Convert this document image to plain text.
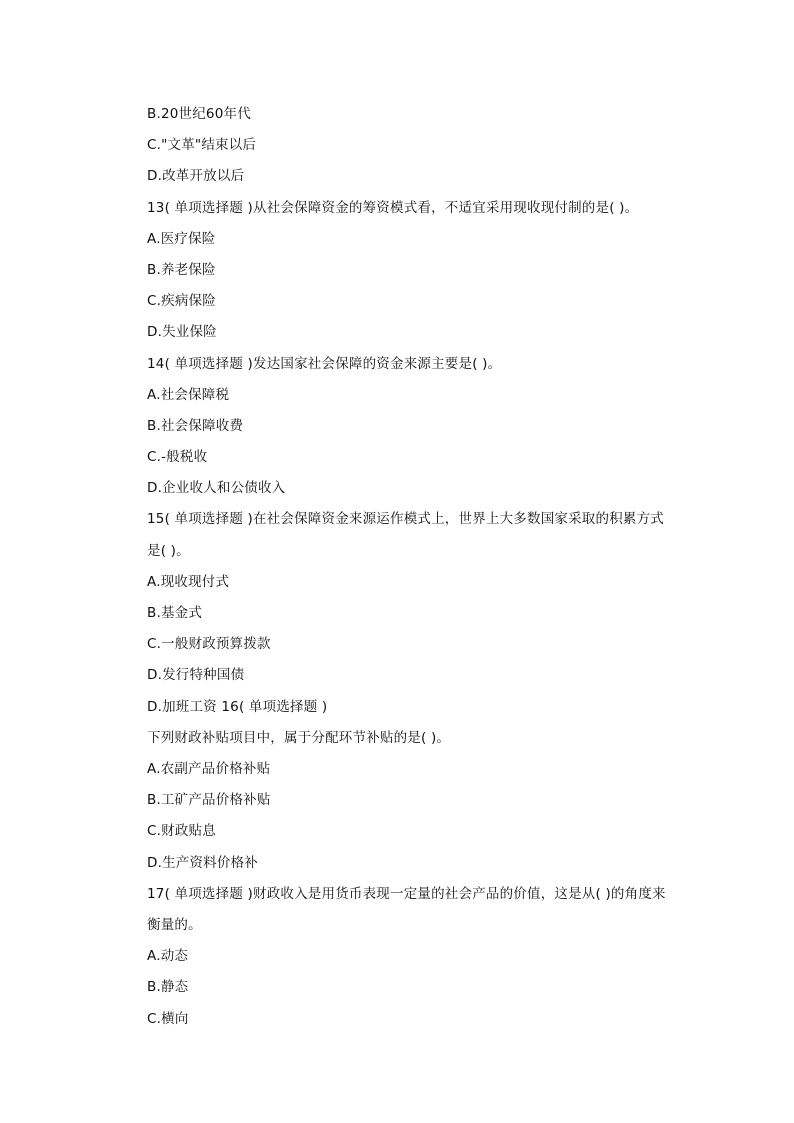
B.20世纪60年代
C."文革"结束以后
D.改革开放以后
13( 单项选择题 )从社会保障资金的筹资模式看，不适宜采用现收现付制的是( )。
A.医疗保险
B.养老保险
C.疾病保险
D.失业保险
14( 单项选择题 )发达国家社会保障的资金来源主要是( )。
A.社会保障税
B.社会保障收费
C.-般税收
D.企业收人和公债收入
15( 单项选择题 )在社会保障资金来源运作模式上，世界上大多数国家采取的积累方式是( )。
A.现收现付式
B.基金式
C.一般财政预算拨款
D.发行特种国债
D.加班工资 16( 单项选择题 )
下列财政补贴项目中，属于分配环节补贴的是( )。
A.农副产品价格补贴
B.工矿产品价格补贴
C.财政贴息
D.生产资料价格补
17( 单项选择题 )财政收入是用货币表现一定量的社会产品的价值，这是从( )的角度来衡量的。
A.动态
B.静态
C.横向
